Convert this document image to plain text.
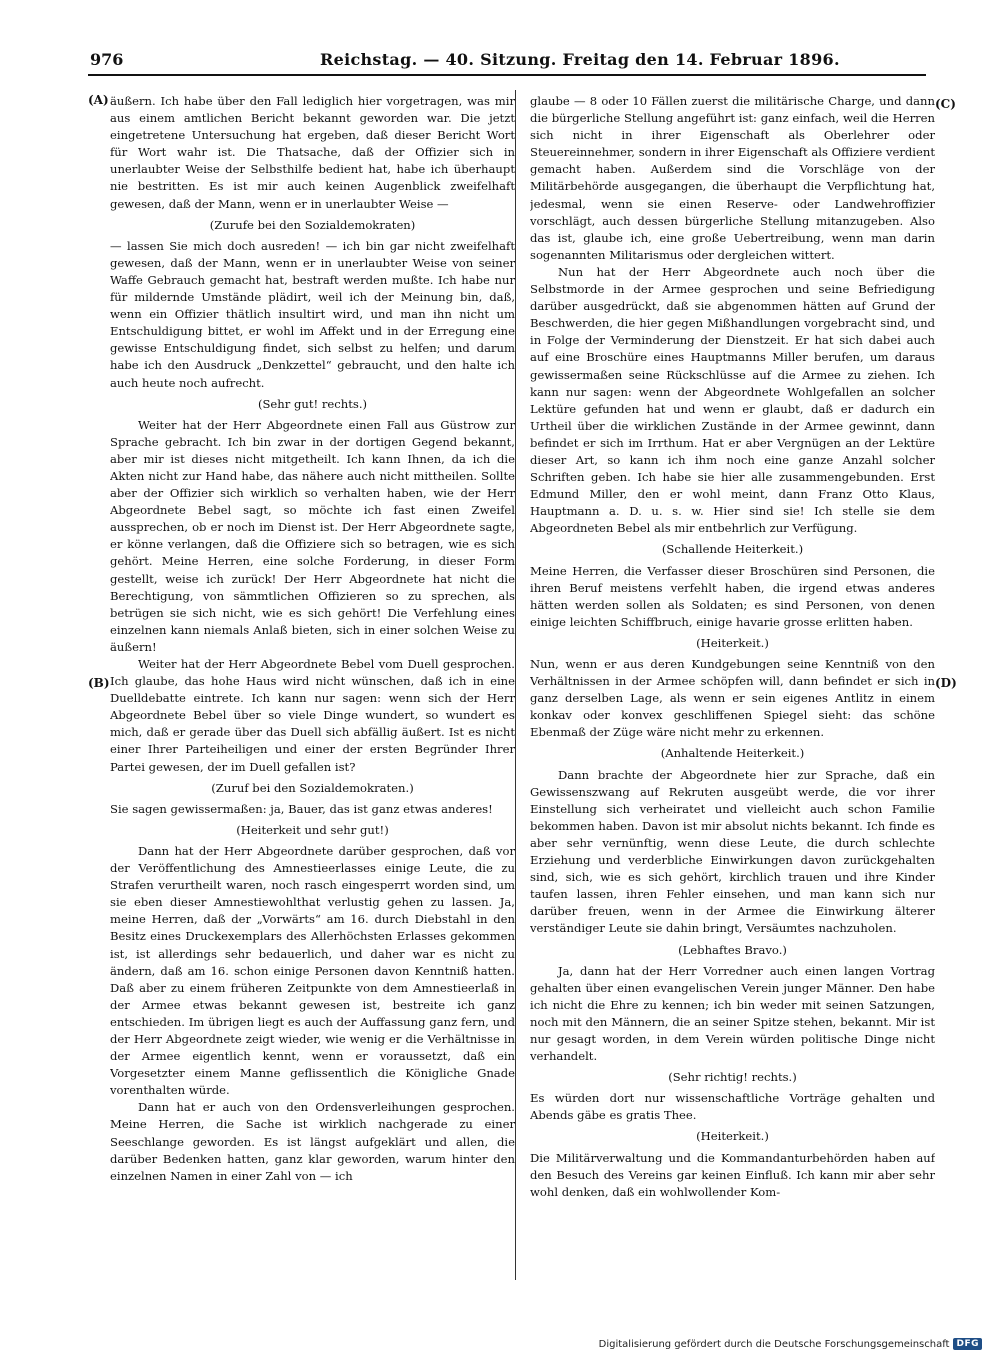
976	Reichstag. — 40. Sitzung. Freitag den 14. Februar 1896.
(A)
(B)
(C)
(D)

äußern. Ich habe über den Fall lediglich hier vorgetragen, was mir aus einem amtlichen Bericht bekannt geworden war. Die jetzt eingetretene Untersuchung hat ergeben, daß dieser Bericht Wort für Wort wahr ist. Die Thatsache, daß der Offizier sich in unerlaubter Weise der Selbsthilfe bedient hat, habe ich überhaupt nie bestritten. Es ist mir auch keinen Augenblick zweifelhaft gewesen, daß der Mann, wenn er in unerlaubter Weise —

(Zurufe bei den Sozialdemokraten)

— lassen Sie mich doch ausreden! — ich bin gar nicht zweifelhaft gewesen, daß der Mann, wenn er in unerlaubter Weise von seiner Waffe Gebrauch gemacht hat, bestraft werden mußte. Ich habe nur für mildernde Umstände plädirt, weil ich der Meinung bin, daß, wenn ein Offizier thätlich insultirt wird, und man ihn nicht um Entschuldigung bittet, er wohl im Affekt und in der Erregung eine gewisse Entschuldigung findet, sich selbst zu helfen; und darum habe ich den Ausdruck „Denkzettel“ gebraucht, und den halte ich auch heute noch aufrecht.

(Sehr gut! rechts.)

Weiter hat der Herr Abgeordnete einen Fall aus Güstrow zur Sprache gebracht. Ich bin zwar in der dortigen Gegend bekannt, aber mir ist dieses nicht mitgetheilt. Ich kann Ihnen, da ich die Akten nicht zur Hand habe, das nähere auch nicht mittheilen. Sollte aber der Offizier sich wirklich so verhalten haben, wie der Herr Abgeordnete Bebel sagt, so möchte ich fast einen Zweifel aussprechen, ob er noch im Dienst ist. Der Herr Abgeordnete sagte, er könne verlangen, daß die Offiziere sich so betragen, wie es sich gehört. Meine Herren, eine solche Forderung, in dieser Form gestellt, weise ich zurück! Der Herr Abgeordnete hat nicht die Berechtigung, von sämmtlichen Offizieren so zu sprechen, als betrügen sie sich nicht, wie es sich gehört! Die Verfehlung eines einzelnen kann niemals Anlaß bieten, sich in einer solchen Weise zu äußern!

Weiter hat der Herr Abgeordnete Bebel vom Duell gesprochen. Ich glaube, das hohe Haus wird nicht wünschen, daß ich in eine Duelldebatte eintrete. Ich kann nur sagen: wenn sich der Herr Abgeordnete Bebel über so viele Dinge wundert, so wundert es mich, daß er gerade über das Duell sich abfällig äußert. Ist es nicht einer Ihrer Parteiheiligen und einer der ersten Begründer Ihrer Partei gewesen, der im Duell gefallen ist?

(Zuruf bei den Sozialdemokraten.)

Sie sagen gewissermaßen: ja, Bauer, das ist ganz etwas anderes!

(Heiterkeit und sehr gut!)

Dann hat der Herr Abgeordnete darüber gesprochen, daß vor der Veröffentlichung des Amnestieerlasses einige Leute, die zu Strafen verurtheilt waren, noch rasch eingesperrt worden sind, um sie eben dieser Amnestiewohlthat verlustig gehen zu lassen. Ja, meine Herren, daß der „Vorwärts“ am 16. durch Diebstahl in den Besitz eines Druckexemplars des Allerhöchsten Erlasses gekommen ist, ist allerdings sehr bedauerlich, und daher war es nicht zu ändern, daß am 16. schon einige Personen davon Kenntniß hatten. Daß aber zu einem früheren Zeitpunkte von dem Amnestieerlaß in der Armee etwas bekannt gewesen ist, bestreite ich ganz entschieden. Im übrigen liegt es auch der Auffassung ganz fern, und der Herr Abgeordnete zeigt wieder, wie wenig er die Verhältnisse in der Armee eigentlich kennt, wenn er voraussetzt, daß ein Vorgesetzter einem Manne geflissentlich die Königliche Gnade vorenthalten würde.

Dann hat er auch von den Ordensverleihungen gesprochen. Meine Herren, die Sache ist wirklich nachgerade zu einer Seeschlange geworden. Es ist längst aufgeklärt und allen, die darüber Bedenken hatten, ganz klar geworden, warum hinter den einzelnen Namen in einer Zahl von — ich

glaube — 8 oder 10 Fällen zuerst die militärische Charge, und dann die bürgerliche Stellung angeführt ist: ganz einfach, weil die Herren sich nicht in ihrer Eigenschaft als Oberlehrer oder Steuereinnehmer, sondern in ihrer Eigenschaft als Offiziere verdient gemacht haben. Außerdem sind die Vorschläge von der Militärbehörde ausgegangen, die überhaupt die Verpflichtung hat, jedesmal, wenn sie einen Reserve- oder Landwehroffizier vorschlägt, auch dessen bürgerliche Stellung mitanzugeben. Also das ist, glaube ich, eine große Uebertreibung, wenn man darin sogenannten Militarismus oder dergleichen wittert.

Nun hat der Herr Abgeordnete auch noch über die Selbstmorde in der Armee gesprochen und seine Befriedigung darüber ausgedrückt, daß sie abgenommen hätten auf Grund der Beschwerden, die hier gegen Mißhandlungen vorgebracht sind, und in Folge der Verminderung der Dienstzeit. Er hat sich dabei auch auf eine Broschüre eines Hauptmanns Miller berufen, um daraus gewissermaßen seine Rückschlüsse auf die Armee zu ziehen. Ich kann nur sagen: wenn der Abgeordnete Wohlgefallen an solcher Lektüre gefunden hat und wenn er glaubt, daß er dadurch ein Urtheil über die wirklichen Zustände in der Armee gewinnt, dann befindet er sich im Irrthum. Hat er aber Vergnügen an der Lektüre dieser Art, so kann ich ihm noch eine ganze Anzahl solcher Schriften geben. Ich habe sie hier alle zusammengebunden. Erst Edmund Miller, den er wohl meint, dann Franz Otto Klaus, Hauptmann a. D. u. s. w. Hier sind sie! Ich stelle sie dem Abgeordneten Bebel als mir entbehrlich zur Verfügung.

(Schallende Heiterkeit.)

Meine Herren, die Verfasser dieser Broschüren sind Personen, die ihren Beruf meistens verfehlt haben, die irgend etwas anderes hätten werden sollen als Soldaten; es sind Personen, von denen einige leichten Schiffbruch, einige havarie grosse erlitten haben.

(Heiterkeit.)

Nun, wenn er aus deren Kundgebungen seine Kenntniß von den Verhältnissen in der Armee schöpfen will, dann befindet er sich in ganz derselben Lage, als wenn er sein eigenes Antlitz in einem konkav oder konvex geschliffenen Spiegel sieht: das schöne Ebenmaß der Züge wäre nicht mehr zu erkennen.

(Anhaltende Heiterkeit.)

Dann brachte der Abgeordnete hier zur Sprache, daß ein Gewissenszwang auf Rekruten ausgeübt werde, die vor ihrer Einstellung sich verheiratet und vielleicht auch schon Familie bekommen haben. Davon ist mir absolut nichts bekannt. Ich finde es aber sehr vernünftig, wenn diese Leute, die durch schlechte Erziehung und verderbliche Einwirkungen davon zurückgehalten sind, sich, wie es sich gehört, kirchlich trauen und ihre Kinder taufen lassen, ihren Fehler einsehen, und man kann sich nur darüber freuen, wenn in der Armee die Einwirkung älterer verständiger Leute sie dahin bringt, Versäumtes nachzuholen.

(Lebhaftes Bravo.)

Ja, dann hat der Herr Vorredner auch einen langen Vortrag gehalten über einen evangelischen Verein junger Männer. Den habe ich nicht die Ehre zu kennen; ich bin weder mit seinen Satzungen, noch mit den Männern, die an seiner Spitze stehen, bekannt. Mir ist nur gesagt worden, in dem Verein würden politische Dinge nicht verhandelt.

(Sehr richtig! rechts.)

Es würden dort nur wissenschaftliche Vorträge gehalten und Abends gäbe es gratis Thee.

(Heiterkeit.)

Die Militärverwaltung und die Kommandanturbehörden haben auf den Besuch des Vereins gar keinen Einfluß. Ich kann mir aber sehr wohl denken, daß ein wohlwollender Kom-

Digitalisierung gefördert durch die Deutsche Forschungsgemeinschaft DFG
